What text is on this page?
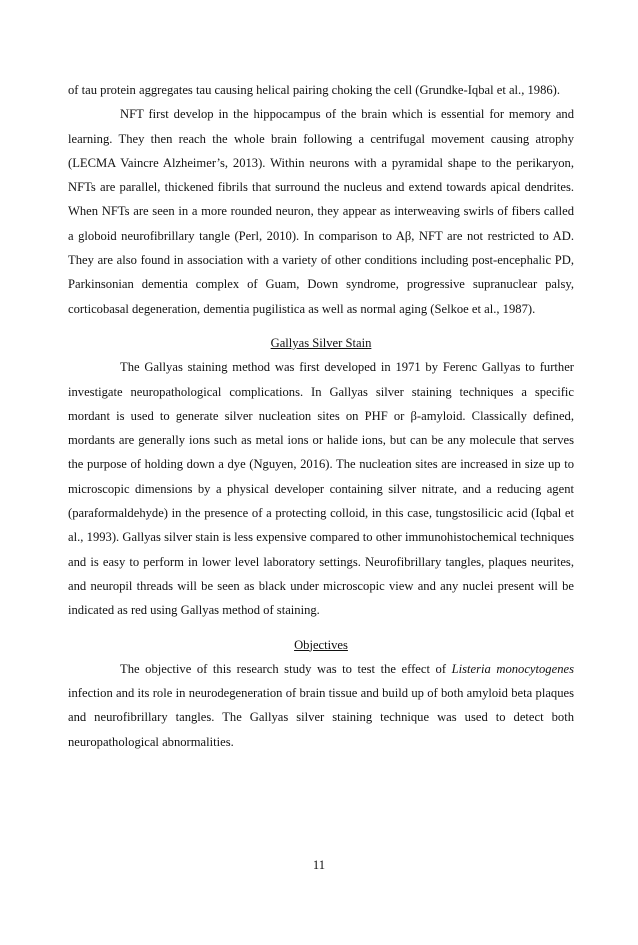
of tau protein aggregates tau causing helical pairing choking the cell (Grundke-Iqbal et al., 1986).

NFT first develop in the hippocampus of the brain which is essential for memory and learning. They then reach the whole brain following a centrifugal movement causing atrophy (LECMA Vaincre Alzheimer’s, 2013). Within neurons with a pyramidal shape to the perikaryon, NFTs are parallel, thickened fibrils that surround the nucleus and extend towards apical dendrites. When NFTs are seen in a more rounded neuron, they appear as interweaving swirls of fibers called a globoid neurofibrillary tangle (Perl, 2010). In comparison to Aβ, NFT are not restricted to AD. They are also found in association with a variety of other conditions including post-encephalic PD, Parkinsonian dementia complex of Guam, Down syndrome, progressive supranuclear palsy, corticobasal degeneration, dementia pugilistica as well as normal aging (Selkoe et al., 1987).

Gallyas Silver Stain

The Gallyas staining method was first developed in 1971 by Ferenc Gallyas to further investigate neuropathological complications. In Gallyas silver staining techniques a specific mordant is used to generate silver nucleation sites on PHF or β-amyloid. Classically defined, mordants are generally ions such as metal ions or halide ions, but can be any molecule that serves the purpose of holding down a dye (Nguyen, 2016). The nucleation sites are increased in size up to microscopic dimensions by a physical developer containing silver nitrate, and a reducing agent (paraformaldehyde) in the presence of a protecting colloid, in this case, tungstosilicic acid (Iqbal et al., 1993). Gallyas silver stain is less expensive compared to other immunohistochemical techniques and is easy to perform in lower level laboratory settings. Neurofibrillary tangles, plaques neurites, and neuropil threads will be seen as black under microscopic view and any nuclei present will be indicated as red using Gallyas method of staining.

Objectives

The objective of this research study was to test the effect of Listeria monocytogenes infection and its role in neurodegeneration of brain tissue and build up of both amyloid beta plaques and neurofibrillary tangles. The Gallyas silver staining technique was used to detect both neuropathological abnormalities.

11
